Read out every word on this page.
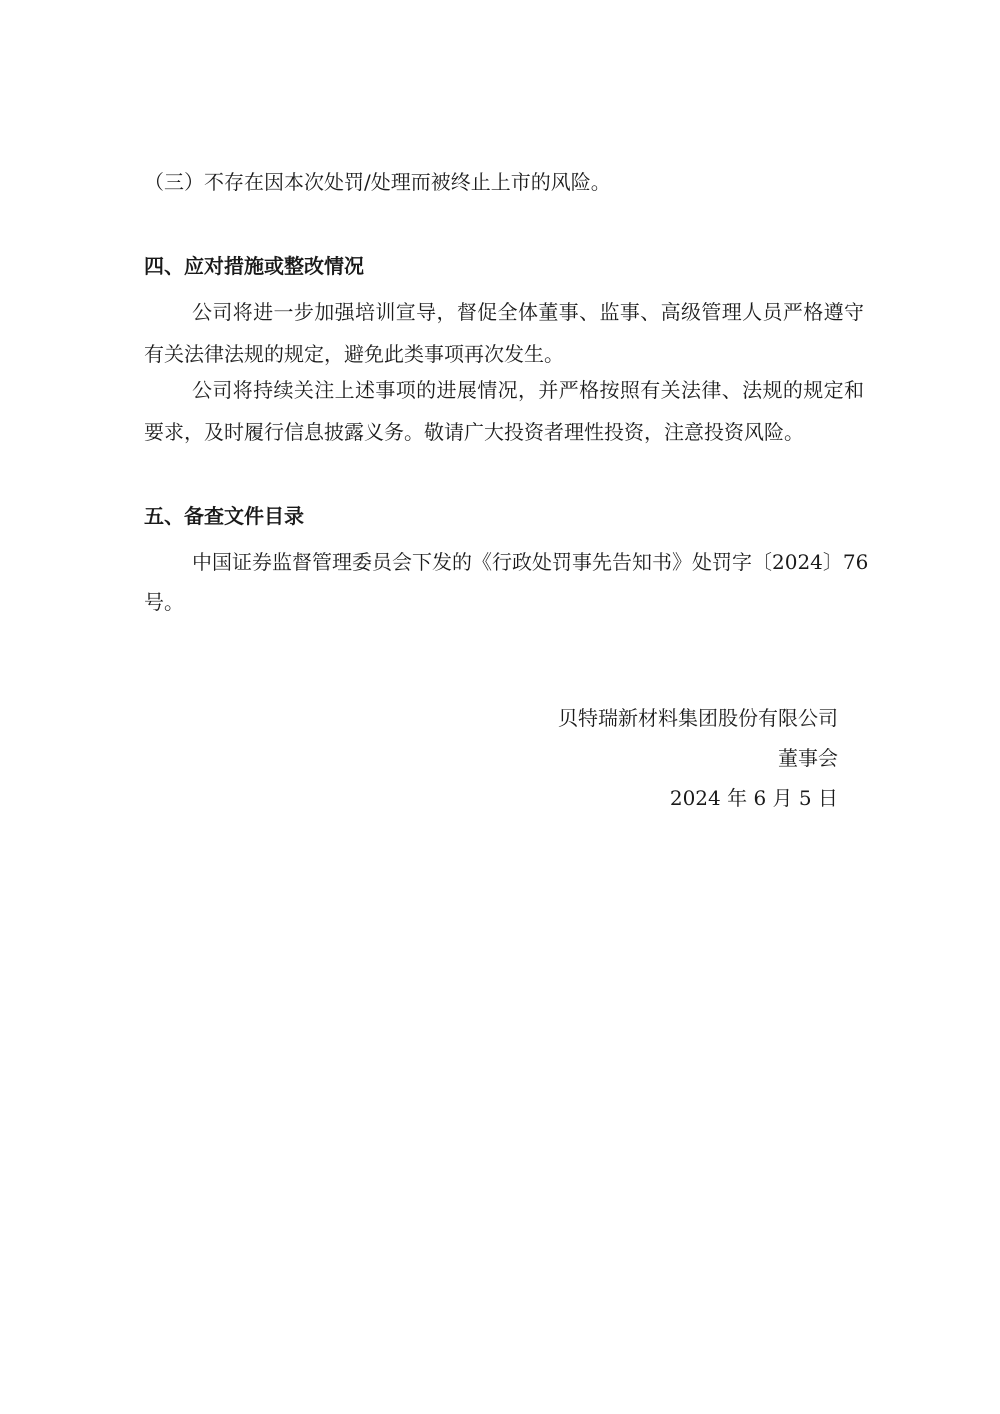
（三）不存在因本次处罚/处理而被终止上市的风险。
四、应对措施或整改情况
公司将进一步加强培训宣导，督促全体董事、监事、高级管理人员严格遵守
有关法律法规的规定，避免此类事项再次发生。
公司将持续关注上述事项的进展情况，并严格按照有关法律、法规的规定和
要求，及时履行信息披露义务。敬请广大投资者理性投资，注意投资风险。
五、备查文件目录
中国证券监督管理委员会下发的《行政处罚事先告知书》处罚字〔2024〕76
号。
贝特瑞新材料集团股份有限公司
董事会
2024 年 6 月 5 日
